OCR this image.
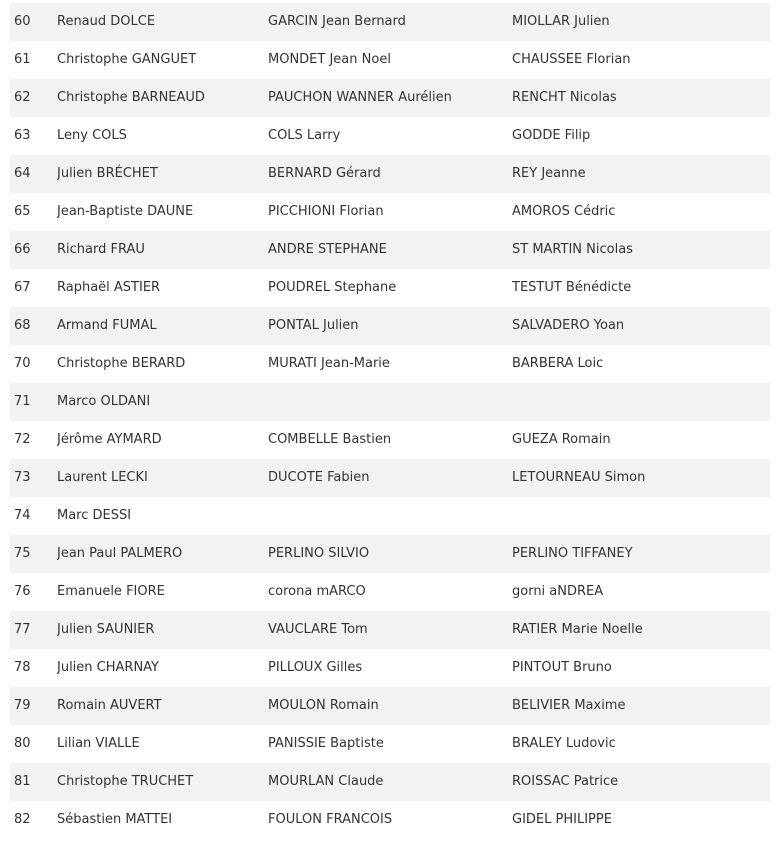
60	Renaud DOLCE	GARCIN Jean Bernard	MIOLLAR Julien
61	Christophe GANGUET	MONDET Jean Noel	CHAUSSEE Florian
62	Christophe BARNEAUD	PAUCHON WANNER Aurélien	RENCHT Nicolas
63	Leny COLS	COLS Larry	GODDE Filip
64	Julien BRÉCHET	BERNARD Gérard	REY Jeanne
65	Jean-Baptiste DAUNE	PICCHIONI Florian	AMOROS Cédric
66	Richard FRAU	ANDRE STEPHANE	ST MARTIN Nicolas
67	Raphaël ASTIER	POUDREL Stephane	TESTUT Bénédicte
68	Armand FUMAL	PONTAL Julien	SALVADERO Yoan
70	Christophe BERARD	MURATI Jean-Marie	BARBERA Loic
71	Marco OLDANI
72	Jérôme AYMARD	COMBELLE Bastien	GUEZA Romain
73	Laurent LECKI	DUCOTE Fabien	LETOURNEAU Simon
74	Marc DESSI
75	Jean Paul PALMERO	PERLINO SILVIO	PERLINO TIFFANEY
76	Emanuele FIORE	corona mARCO	gorni aNDREA
77	Julien SAUNIER	VAUCLARE Tom	RATIER Marie Noelle
78	Julien CHARNAY	PILLOUX Gilles	PINTOUT Bruno
79	Romain AUVERT	MOULON Romain	BELIVIER Maxime
80	Lilian VIALLE	PANISSIE Baptiste	BRALEY Ludovic
81	Christophe TRUCHET	MOURLAN Claude	ROISSAC Patrice
82	Sébastien MATTEI	FOULON FRANCOIS	GIDEL PHILIPPE
